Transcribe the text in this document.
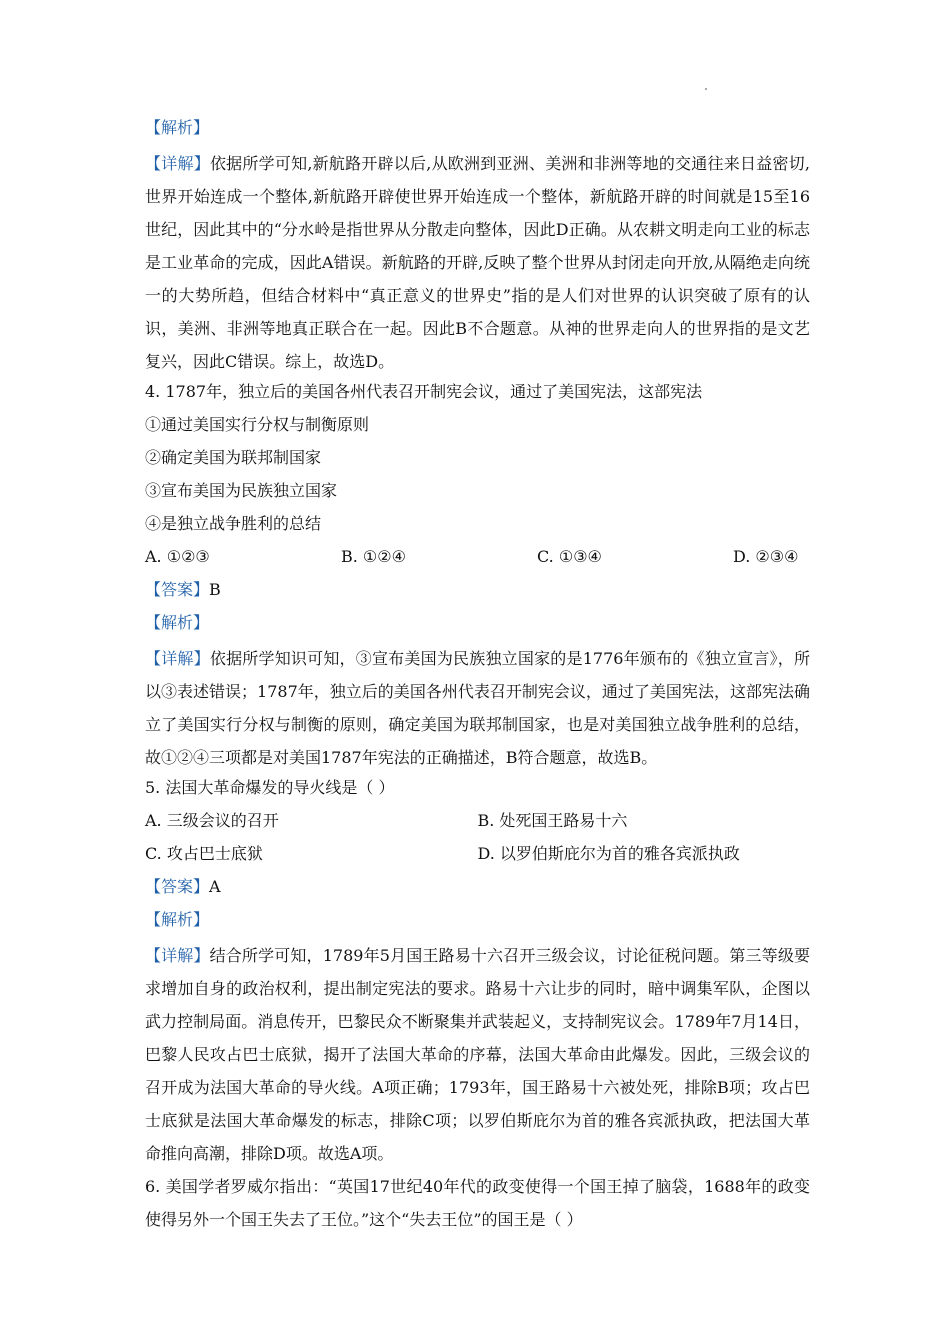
【解析】
【详解】依据所学可知,新航路开辟以后,从欧洲到亚洲、美洲和非洲等地的交通往来日益密切,世界开始连成一个整体,新航路开辟使世界开始连成一个整体，新航路开辟的时间就是15至16世纪，因此其中的“分水岭是指世界从分散走向整体，因此D正确。从农耕文明走向工业的标志是工业革命的完成，因此A错误。新航路的开辟,反映了整个世界从封闭走向开放,从隔绝走向统一的大势所趋，但结合材料中“真正意义的世界史”指的是人们对世界的认识突破了原有的认识，美洲、非洲等地真正联合在一起。因此B不合题意。从神的世界走向人的世界指的是文艺复兴，因此C错误。综上，故选D。
4. 1787年，独立后的美国各州代表召开制宪会议，通过了美国宪法，这部宪法
①通过美国实行分权与制衡原则
②确定美国为联邦制国家
③宣布美国为民族独立国家
④是独立战争胜利的总结
A. ①②③	B. ①②④	C. ①③④	D. ②③④
【答案】B
【解析】
【详解】依据所学知识可知，③宣布美国为民族独立国家的是1776年颁布的《独立宣言》，所以③表述错误；1787年，独立后的美国各州代表召开制宪会议，通过了美国宪法，这部宪法确立了美国实行分权与制衡的原则，确定美国为联邦制国家，也是对美国独立战争胜利的总结，故①②④三项都是对美国1787年宪法的正确描述，B符合题意，故选B。
5. 法国大革命爆发的导火线是（ ）
A. 三级会议的召开	B. 处死国王路易十六
C. 攻占巴士底狱	D. 以罗伯斯庇尔为首的雅各宾派执政
【答案】A
【解析】
【详解】结合所学可知，1789年5月国王路易十六召开三级会议，讨论征税问题。第三等级要求增加自身的政治权利，提出制定宪法的要求。路易十六让步的同时，暗中调集军队，企图以武力控制局面。消息传开，巴黎民众不断聚集并武装起义，支持制宪议会。1789年7月14日，巴黎人民攻占巴士底狱，揭开了法国大革命的序幕，法国大革命由此爆发。因此，三级会议的召开成为法国大革命的导火线。A项正确；1793年，国王路易十六被处死，排除B项；攻占巴士底狱是法国大革命爆发的标志，排除C项；以罗伯斯庇尔为首的雅各宾派执政，把法国大革命推向高潮，排除D项。故选A项。
6. 美国学者罗威尔指出：“英国17世纪40年代的政变使得一个国王掉了脑袋，1688年的政变使得另外一个国王失去了王位。”这个“失去王位”的国王是（ ）
